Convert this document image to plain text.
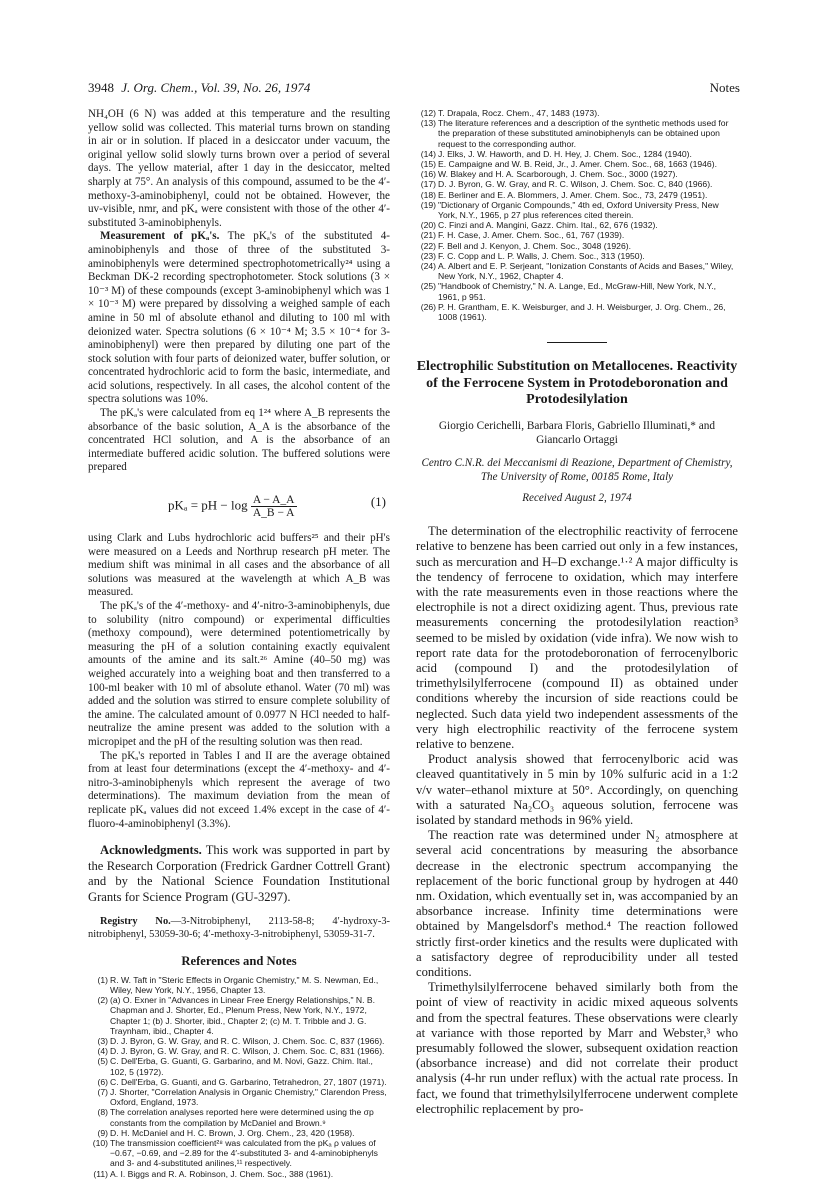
3948 J. Org. Chem., Vol. 39, No. 26, 1974	Notes

NH₄OH (6 N) was added at this temperature and the resulting yellow solid was collected. This material turns brown on standing in air or in solution. If placed in a desiccator under vacuum, the original yellow solid slowly turns brown over a period of several days. The yellow material, after 1 day in the desiccator, melted sharply at 75°. An analysis of this compound, assumed to be the 4′-methoxy-3-aminobiphenyl, could not be obtained. However, the uv-visible, nmr, and pKₐ were consistent with those of the other 4′-substituted 3-aminobiphenyls.

Measurement of pKₐ's. The pKₐ's of the substituted 4-aminobiphenyls and those of three of the substituted 3-aminobiphenyls were determined spectrophotometrically²⁴ using a Beckman DK-2 recording spectrophotometer. Stock solutions (3 × 10⁻³ M) of these compounds (except 3-aminobiphenyl which was 1 × 10⁻³ M) were prepared by dissolving a weighed sample of each amine in 50 ml of absolute ethanol and diluting to 100 ml with deionized water. Spectra solutions (6 × 10⁻⁴ M; 3.5 × 10⁻⁴ for 3-aminobiphenyl) were then prepared by diluting one part of the stock solution with four parts of deionized water, buffer solution, or concentrated hydrochloric acid to form the basic, intermediate, and acid solutions, respectively. In all cases, the alcohol content of the spectra solutions was 10%.

The pKₐ's were calculated from eq 1²⁴ where A_B represents the absorbance of the basic solution, A_A is the absorbance of the concentrated HCl solution, and A is the absorbance of an intermediate buffered acidic solution. The buffered solutions were prepared

pKₐ = pH − $\log \frac{A - A\_A}{A\_B - A}$	(1)

using Clark and Lubs hydrochloric acid buffers²⁵ and their pH's were measured on a Leeds and Northrup research pH meter. The medium shift was minimal in all cases and the absorbance of all solutions was measured at the wavelength at which A_B was measured.

The pKₐ's of the 4′-methoxy- and 4′-nitro-3-aminobiphenyls, due to solubility (nitro compound) or experimental difficulties (methoxy compound), were determined potentiometrically by measuring the pH of a solution containing exactly equivalent amounts of the amine and its salt.²⁶ Amine (40–50 mg) was weighed accurately into a weighing boat and then transferred to a 100-ml beaker with 10 ml of absolute ethanol. Water (70 ml) was added and the solution was stirred to ensure complete solubility of the amine. The calculated amount of 0.0977 N HCl needed to half-neutralize the amine present was added to the solution with a micropipet and the pH of the resulting solution was then read.

The pKₐ's reported in Tables I and II are the average obtained from at least four determinations (except the 4′-methoxy- and 4′-nitro-3-aminobiphenyls which represent the average of two determinations). The maximum deviation from the mean of replicate pKₐ values did not exceed 1.4% except in the case of 4′-fluoro-4-aminobiphenyl (3.3%).

Acknowledgments. This work was supported in part by the Research Corporation (Fredrick Gardner Cottrell Grant) and by the National Science Foundation Institutional Grants for Science Program (GU-3297).

Registry No.—3-Nitrobiphenyl, 2113-58-8; 4′-hydroxy-3-nitrobiphenyl, 53059-30-6; 4′-methoxy-3-nitrobiphenyl, 53059-31-7.

References and Notes
(1) R. W. Taft in "Steric Effects in Organic Chemistry," M. S. Newman, Ed., Wiley, New York, N.Y., 1956, Chapter 13.
(2) (a) O. Exner in "Advances in Linear Free Energy Relationships," N. B. Chapman and J. Shorter, Ed., Plenum Press, New York, N.Y., 1972, Chapter 1; (b) J. Shorter, ibid., Chapter 2; (c) M. T. Tribble and J. G. Traynham, ibid., Chapter 4.
(3) D. J. Byron, G. W. Gray, and R. C. Wilson, J. Chem. Soc. C, 837 (1966).
(4) D. J. Byron, G. W. Gray, and R. C. Wilson, J. Chem. Soc. C, 831 (1966).
(5) C. Dell'Erba, G. Guanti, G. Garbarino, and M. Novi, Gazz. Chim. Ital., 102, 5 (1972).
(6) C. Dell'Erba, G. Guanti, and G. Garbarino, Tetrahedron, 27, 1807 (1971).
(7) J. Shorter, "Correlation Analysis in Organic Chemistry," Clarendon Press, Oxford, England, 1973.
(8) The correlation analyses reported here were determined using the σp constants from the compilation by McDaniel and Brown.⁹
(9) D. H. McDaniel and H. C. Brown, J. Org. Chem., 23, 420 (1958).
(10) The transmission coefficient²⁸ was calculated from the pKₐ ρ values of −0.67, −0.69, and −2.89 for the 4′-substituted 3- and 4-aminobiphenyls and 3- and 4-substituted anilines,¹¹ respectively.
(11) A. I. Biggs and R. A. Robinson, J. Chem. Soc., 388 (1961).
(12) T. Drapala, Rocz. Chem., 47, 1483 (1973).
(13) The literature references and a description of the synthetic methods used for the preparation of these substituted aminobiphenyls can be obtained upon request to the corresponding author.
(14) J. Elks, J. W. Haworth, and D. H. Hey, J. Chem. Soc., 1284 (1940).
(15) E. Campaigne and W. B. Reid, Jr., J. Amer. Chem. Soc., 68, 1663 (1946).
(16) W. Blakey and H. A. Scarborough, J. Chem. Soc., 3000 (1927).
(17) D. J. Byron, G. W. Gray, and R. C. Wilson, J. Chem. Soc. C, 840 (1966).
(18) E. Berliner and E. A. Blommers, J. Amer. Chem. Soc., 73, 2479 (1951).
(19) "Dictionary of Organic Compounds," 4th ed, Oxford University Press, New York, N.Y., 1965, p 27 plus references cited therein.
(20) C. Finzi and A. Mangini, Gazz. Chim. Ital., 62, 676 (1932).
(21) F. H. Case, J. Amer. Chem. Soc., 61, 767 (1939).
(22) F. Bell and J. Kenyon, J. Chem. Soc., 3048 (1926).
(23) F. C. Copp and L. P. Walls, J. Chem. Soc., 313 (1950).
(24) A. Albert and E. P. Serjeant, "Ionization Constants of Acids and Bases," Wiley, New York, N.Y., 1962, Chapter 4.
(25) "Handbook of Chemistry," N. A. Lange, Ed., McGraw-Hill, New York, N.Y., 1961, p 951.
(26) P. H. Grantham, E. K. Weisburger, and J. H. Weisburger, J. Org. Chem., 26, 1008 (1961).
Electrophilic Substitution on Metallocenes. Reactivity of the Ferrocene System in Protodeboronation and Protodesilylation
Giorgio Cerichelli, Barbara Floris, Gabriello Illuminati,* and Giancarlo Ortaggi
Centro C.N.R. dei Meccanismi di Reazione, Department of Chemistry, The University of Rome, 00185 Rome, Italy
Received August 2, 1974

The determination of the electrophilic reactivity of ferrocene relative to benzene has been carried out only in a few instances, such as mercuration and H–D exchange.¹·² A major difficulty is the tendency of ferrocene to oxidation, which may interfere with the rate measurements even in those reactions where the electrophile is not a direct oxidizing agent. Thus, previous rate measurements concerning the protodesilylation reaction³ seemed to be misled by oxidation (vide infra). We now wish to report rate data for the protodeboronation of ferrocenylboric acid (compound I) and the protodesilylation of trimethylsilylferrocene (compound II) as obtained under conditions whereby the incursion of side reactions could be neglected. Such data yield two independent assessments of the very high electrophilic reactivity of the ferrocene system relative to benzene.

Product analysis showed that ferrocenylboric acid was cleaved quantitatively in 5 min by 10% sulfuric acid in a 1:2 v/v water–ethanol mixture at 50°. Accordingly, on quenching with a saturated Na₂CO₃ aqueous solution, ferrocene was isolated by standard methods in 96% yield.

The reaction rate was determined under N₂ atmosphere at several acid concentrations by measuring the absorbance decrease in the electronic spectrum accompanying the replacement of the boric functional group by hydrogen at 440 nm. Oxidation, which eventually set in, was accompanied by an absorbance increase. Infinity time determinations were obtained by Mangelsdorf's method.⁴ The reaction followed strictly first-order kinetics and the results were duplicated with a satisfactory degree of reproducibility under all tested conditions.

Trimethylsilylferrocene behaved similarly both from the point of view of reactivity in acidic mixed aqueous solvents and from the spectral features. These observations were clearly at variance with those reported by Marr and Webster,³ who presumably followed the slower, subsequent oxidation reaction (absorbance increase) and did not correlate their product analysis (4-hr run under reflux) with the actual rate process. In fact, we found that trimethylsilylferrocene underwent complete electrophilic replacement by pro-
